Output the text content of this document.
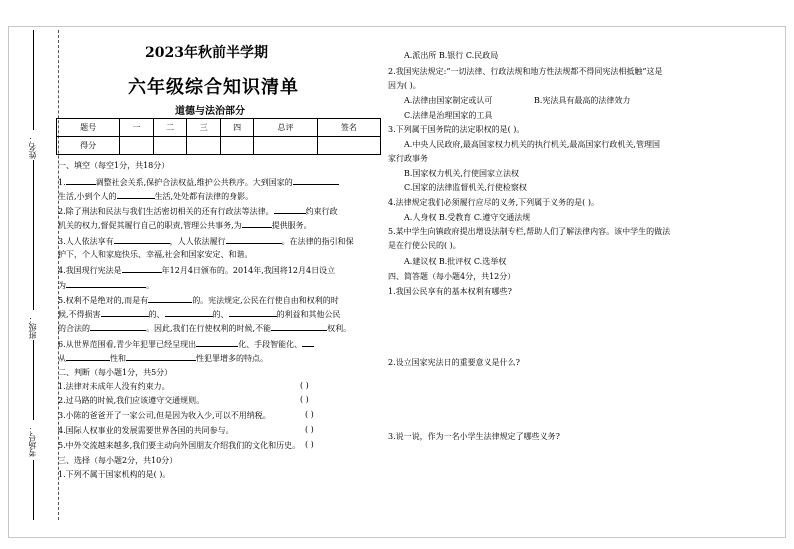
姓名：
班级：
考场号：
2023年秋前半学期
六年级综合知识清单
道德与法治部分
题号	一	二	三	四	总评	签名
得分						
一、填空（每空1分，共18分）
1.	调整社会关系,保护合法权益,维护公共秩序。大到国家的
生活,小到个人的	生活,处处都有法律的身影。
2.除了刑法和民法与我们生活密切相关的还有行政法等法律。	约束行政
机关的权力,督促其履行自己的职责,管理公共事务,为	提供服务。
3.人人依法享有	，人人依法履行	。在法律的指引和保
护下，个人和家庭快乐、幸福,社会和国家安定、和谐。
4.我国现行宪法是	年12月4日颁布的。2014年,我国将12月4日设立
为	。
5.权利不是绝对的,而是有	的。宪法规定,公民在行使自由和权利的时
候,不得损害	的、	的、	的利益和其他公民
的合法的	。因此,我们在行使权利的时候,不能	权利。
6.从世界范围看,青少年犯罪已经呈现出	化、手段智能化、
从	性和	性犯罪增多的特点。
二、判断（每小题1分，共5分）
1.法律对未成年人没有约束力。	( )
2.过马路的时候,我们应该遵守交通规则。	( )
3.小陈的爸爸开了一家公司,但是因为收入少,可以不用纳税。	( )
4.国际人权事业的发展需要世界各国的共同参与。	( )
5.中外交流越来越多,我们要主动向外国朋友介绍我们的文化和历史。 ( )
三、选择（每小题2分，共10分）
1.下列不属于国家机构的是( )。
A.派出所 B.银行 C.民政局
2.我国宪法规定:“一切法律、行政法规和地方性法规都不得同宪法相抵触”这是
因为( )。
A.法律由国家制定或认可	B.宪法具有最高的法律效力
C.法律是治理国家的工具
3.下列属于国务院的法定职权的是( )。
A.中央人民政府,最高国家权力机关的执行机关,最高国家行政机关,管理国
家行政事务
B.国家权力机关,行使国家立法权
C.国家的法律监督机关,行使检察权
4.法律规定我们必须履行应尽的义务,下列属于义务的是( )。
A.人身权 B.受教育 C.遵守交通法规
5.某中学生向镇政府提出增设法制专栏,帮助人们了解法律内容。该中学生的做法
是在行使公民的( )。
A.建议权 B.批评权 C.选举权
四、简答题（每小题4分，共12分）
1.我国公民享有的基本权利有哪些?
2.设立国家宪法日的重要意义是什么?
3.说一说，作为一名小学生法律规定了哪些义务?
